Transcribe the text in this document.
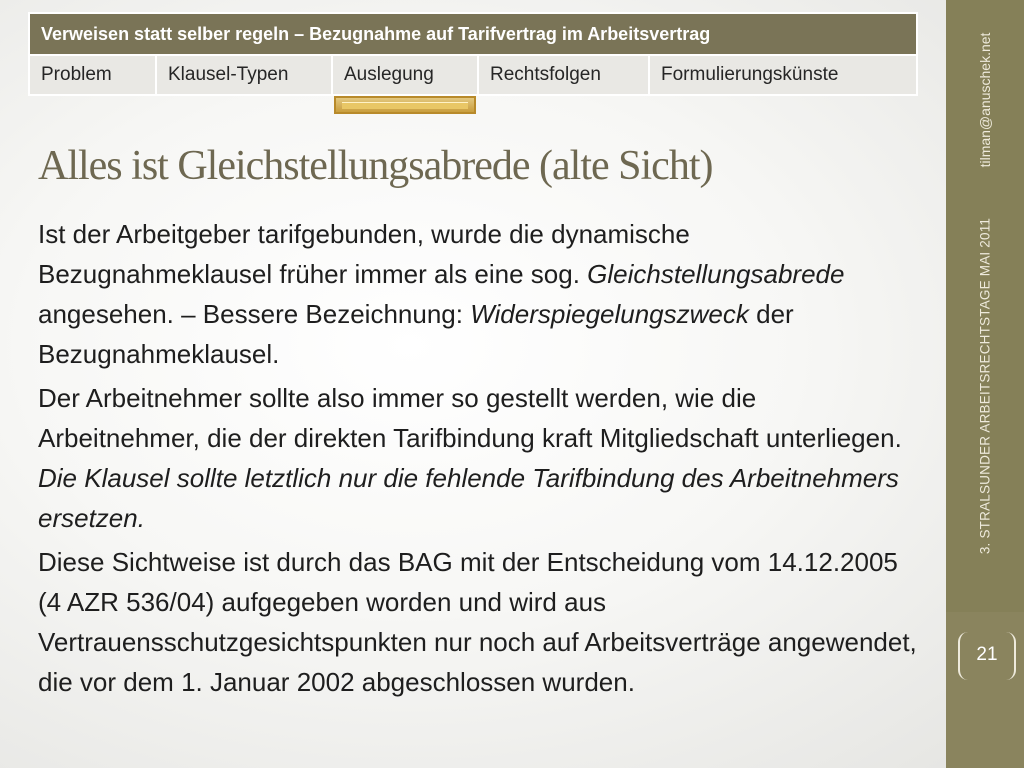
Verweisen statt selber regeln – Bezugnahme auf Tarifvertrag im Arbeitsvertrag
Problem	Klausel-Typen	Auslegung	Rechtsfolgen	Formulierungskünste
Alles ist Gleichstellungsabrede (alte Sicht)

Ist der Arbeitgeber tarifgebunden, wurde die dynamische Bezugnahmeklausel früher immer als eine sog. Gleichstellungsabrede angesehen. – Bessere Bezeichnung: Widerspiegelungszweck der Bezugnahmeklausel.

Der Arbeitnehmer sollte also immer so gestellt werden, wie die Arbeitnehmer, die der direkten Tarifbindung kraft Mitgliedschaft unterliegen. Die Klausel sollte letztlich nur die fehlende Tarifbindung des Arbeitnehmers ersetzen.

Diese Sichtweise ist durch das BAG mit der Entscheidung vom 14.12.2005 (4 AZR 536/04) aufgegeben worden und wird aus Vertrauensschutzgesichtspunkten nur noch auf Arbeitsverträge angewendet, die vor dem 1. Januar 2002 abgeschlossen wurden.

tilman@anuschek.net
3. STRALSUNDER ARBEITSRECHTSTAGE MAI 2011
21
